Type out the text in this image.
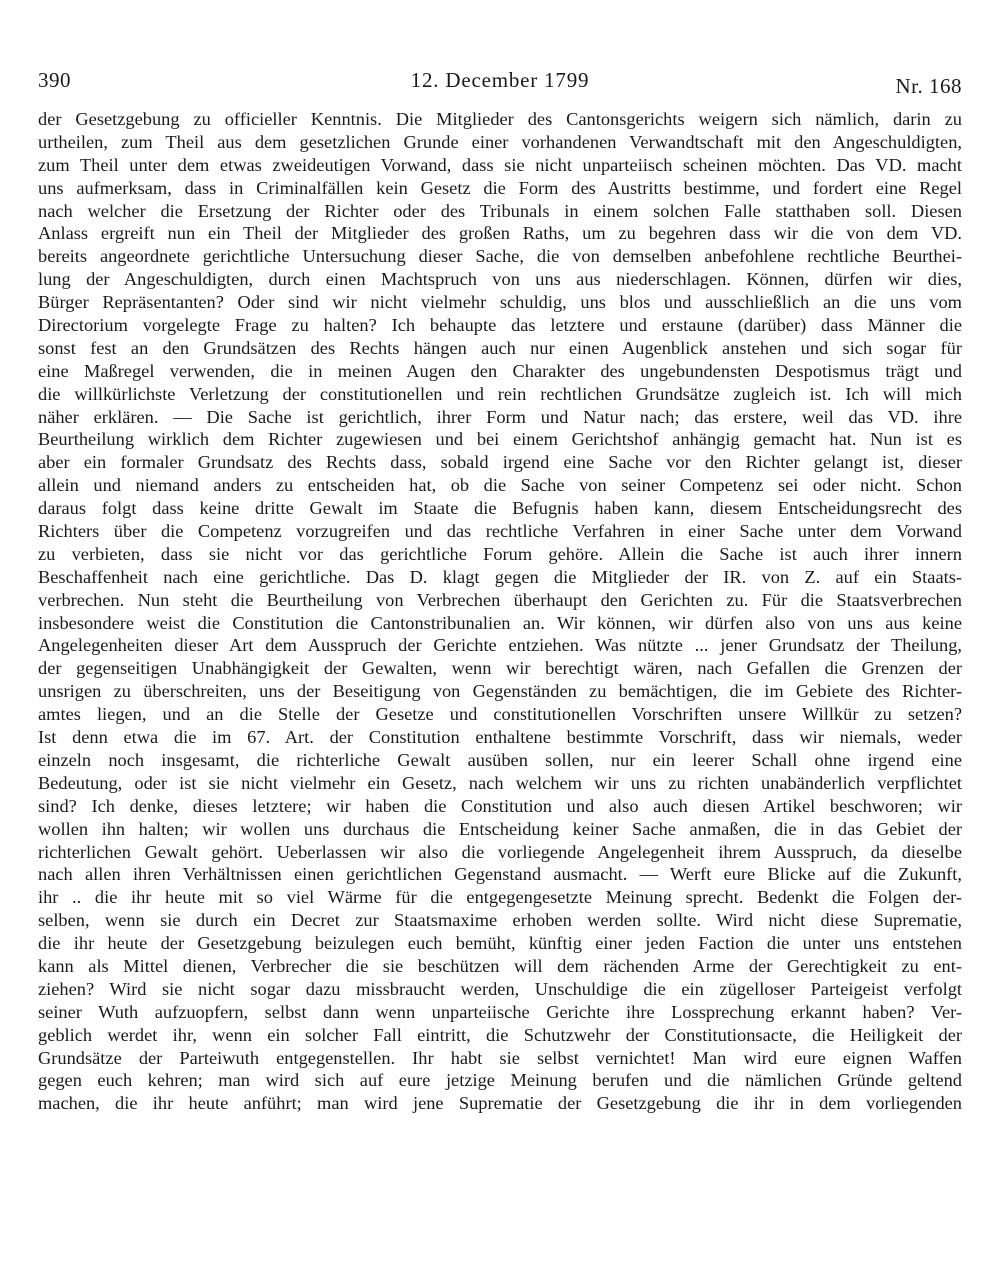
390	12. December 1799	Nr. 168
der Gesetzgebung zu officieller Kenntnis. Die Mitglieder des Cantonsgerichts weigern sich nämlich, darin zu
urtheilen, zum Theil aus dem gesetzlichen Grunde einer vorhandenen Verwandtschaft mit den Angeschuldigten,
zum Theil unter dem etwas zweideutigen Vorwand, dass sie nicht unparteiisch scheinen möchten. Das VD. macht
uns aufmerksam, dass in Criminalfällen kein Gesetz die Form des Austritts bestimme, und fordert eine Regel
nach welcher die Ersetzung der Richter oder des Tribunals in einem solchen Falle statthaben soll. Diesen
Anlass ergreift nun ein Theil der Mitglieder des großen Raths, um zu begehren dass wir die von dem VD.
bereits angeordnete gerichtliche Untersuchung dieser Sache, die von demselben anbefohlene rechtliche Beurthei-
lung der Angeschuldigten, durch einen Machtspruch von uns aus niederschlagen. Können, dürfen wir dies,
Bürger Repräsentanten? Oder sind wir nicht vielmehr schuldig, uns blos und ausschließlich an die uns vom
Directorium vorgelegte Frage zu halten? Ich behaupte das letztere und erstaune (darüber) dass Männer die
sonst fest an den Grundsätzen des Rechts hängen auch nur einen Augenblick anstehen und sich sogar für
eine Maßregel verwenden, die in meinen Augen den Charakter des ungebundensten Despotismus trägt und
die willkürlichste Verletzung der constitutionellen und rein rechtlichen Grundsätze zugleich ist. Ich will mich
näher erklären. — Die Sache ist gerichtlich, ihrer Form und Natur nach; das erstere, weil das VD. ihre
Beurtheilung wirklich dem Richter zugewiesen und bei einem Gerichtshof anhängig gemacht hat. Nun ist es
aber ein formaler Grundsatz des Rechts dass, sobald irgend eine Sache vor den Richter gelangt ist, dieser
allein und niemand anders zu entscheiden hat, ob die Sache von seiner Competenz sei oder nicht. Schon
daraus folgt dass keine dritte Gewalt im Staate die Befugnis haben kann, diesem Entscheidungsrecht des
Richters über die Competenz vorzugreifen und das rechtliche Verfahren in einer Sache unter dem Vorwand
zu verbieten, dass sie nicht vor das gerichtliche Forum gehöre. Allein die Sache ist auch ihrer innern
Beschaffenheit nach eine gerichtliche. Das D. klagt gegen die Mitglieder der IR. von Z. auf ein Staats-
verbrechen. Nun steht die Beurtheilung von Verbrechen überhaupt den Gerichten zu. Für die Staatsverbrechen
insbesondere weist die Constitution die Cantonstribunalien an. Wir können, wir dürfen also von uns aus keine
Angelegenheiten dieser Art dem Ausspruch der Gerichte entziehen. Was nützte ... jener Grundsatz der Theilung,
der gegenseitigen Unabhängigkeit der Gewalten, wenn wir berechtigt wären, nach Gefallen die Grenzen der
unsrigen zu überschreiten, uns der Beseitigung von Gegenständen zu bemächtigen, die im Gebiete des Richter-
amtes liegen, und an die Stelle der Gesetze und constitutionellen Vorschriften unsere Willkür zu setzen?
Ist denn etwa die im 67. Art. der Constitution enthaltene bestimmte Vorschrift, dass wir niemals, weder
einzeln noch insgesamt, die richterliche Gewalt ausüben sollen, nur ein leerer Schall ohne irgend eine
Bedeutung, oder ist sie nicht vielmehr ein Gesetz, nach welchem wir uns zu richten unabänderlich verpflichtet
sind? Ich denke, dieses letztere; wir haben die Constitution und also auch diesen Artikel beschworen; wir
wollen ihn halten; wir wollen uns durchaus die Entscheidung keiner Sache anmaßen, die in das Gebiet der
richterlichen Gewalt gehört. Ueberlassen wir also die vorliegende Angelegenheit ihrem Ausspruch, da dieselbe
nach allen ihren Verhältnissen einen gerichtlichen Gegenstand ausmacht. — Werft eure Blicke auf die Zukunft,
ihr .. die ihr heute mit so viel Wärme für die entgegengesetzte Meinung sprecht. Bedenkt die Folgen der-
selben, wenn sie durch ein Decret zur Staatsmaxime erhoben werden sollte. Wird nicht diese Suprematie,
die ihr heute der Gesetzgebung beizulegen euch bemüht, künftig einer jeden Faction die unter uns entstehen
kann als Mittel dienen, Verbrecher die sie beschützen will dem rächenden Arme der Gerechtigkeit zu ent-
ziehen? Wird sie nicht sogar dazu missbraucht werden, Unschuldige die ein zügelloser Parteigeist verfolgt
seiner Wuth aufzuopfern, selbst dann wenn unparteiische Gerichte ihre Lossprechung erkannt haben? Ver-
geblich werdet ihr, wenn ein solcher Fall eintritt, die Schutzwehr der Constitutionsacte, die Heiligkeit der
Grundsätze der Parteiwuth entgegenstellen. Ihr habt sie selbst vernichtet! Man wird eure eignen Waffen
gegen euch kehren; man wird sich auf eure jetzige Meinung berufen und die nämlichen Gründe geltend
machen, die ihr heute anführt; man wird jene Suprematie der Gesetzgebung die ihr in dem vorliegenden
